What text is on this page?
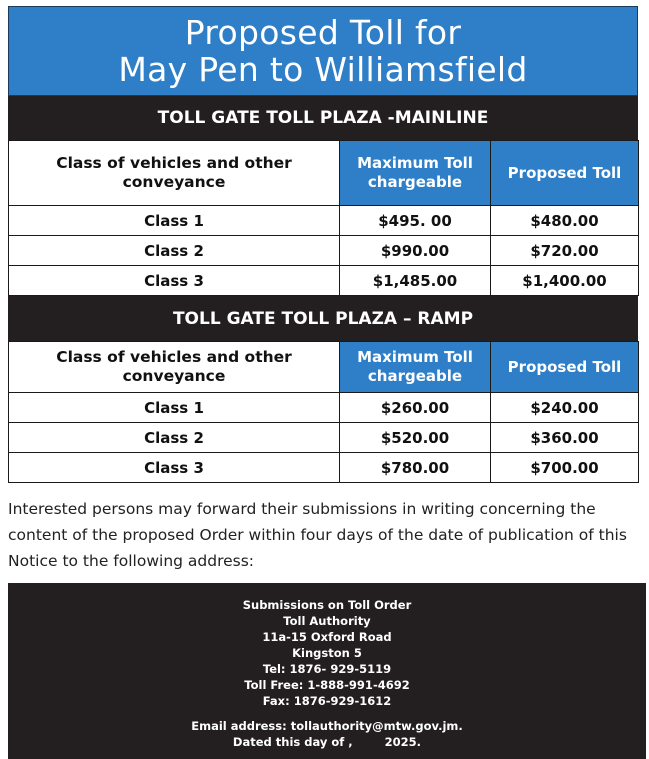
Proposed Toll for
May Pen to Williamsfield
TOLL GATE TOLL PLAZA -MAINLINE
Class of vehicles and other conveyance	Maximum Toll chargeable	Proposed Toll
Class 1	$495. 00	$480.00
Class 2	$990.00	$720.00
Class 3	$1,485.00	$1,400.00
TOLL GATE TOLL PLAZA – RAMP
Class of vehicles and other conveyance	Maximum Toll chargeable	Proposed Toll
Class 1	$260.00	$240.00
Class 2	$520.00	$360.00
Class 3	$780.00	$700.00
Interested persons may forward their submissions in writing concerning the content of the proposed Order within four days of the date of publication of this Notice to the following address:
Submissions on Toll Order
Toll Authority
11a-15 Oxford Road
Kingston 5
Tel: 1876- 929-5119
Toll Free: 1-888-991-4692
Fax: 1876-929-1612
Email address: tollauthority@mtw.gov.jm.
Dated this day of ,        2025.
